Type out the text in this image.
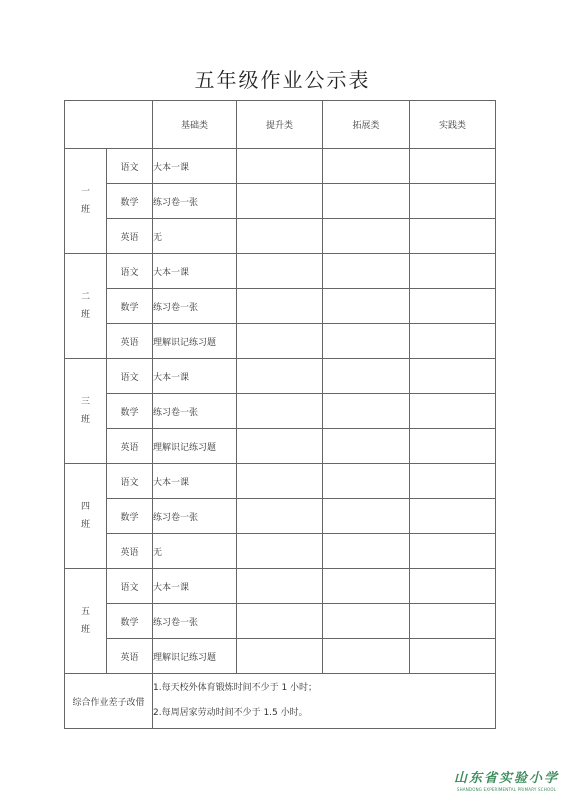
五年级作业公示表
		基础类	提升类	拓展类	实践类

一
班	语文	大本一课			
	数学	练习卷一张			
	英语	无			

二
班	语文	大本一课			
	数学	练习卷一张			
	英语	理解识记练习题			

三
班	语文	大本一课			
	数学	练习卷一张			
	英语	理解识记练习题			

四
班	语文	大本一课			
	数学	练习卷一张			
	英语	无			

五
班	语文	大本一课			
	数学	练习卷一张			
	英语	理解识记练习题			
综合作业差子改借		1.每天校外体育锻炼时间不少于 1 小时；
2.每周居家劳动时间不少于 1.5 小时。			
山东省实验小学
SHANDONG EXPERIMENTAL PRIMARY SCHOOL
